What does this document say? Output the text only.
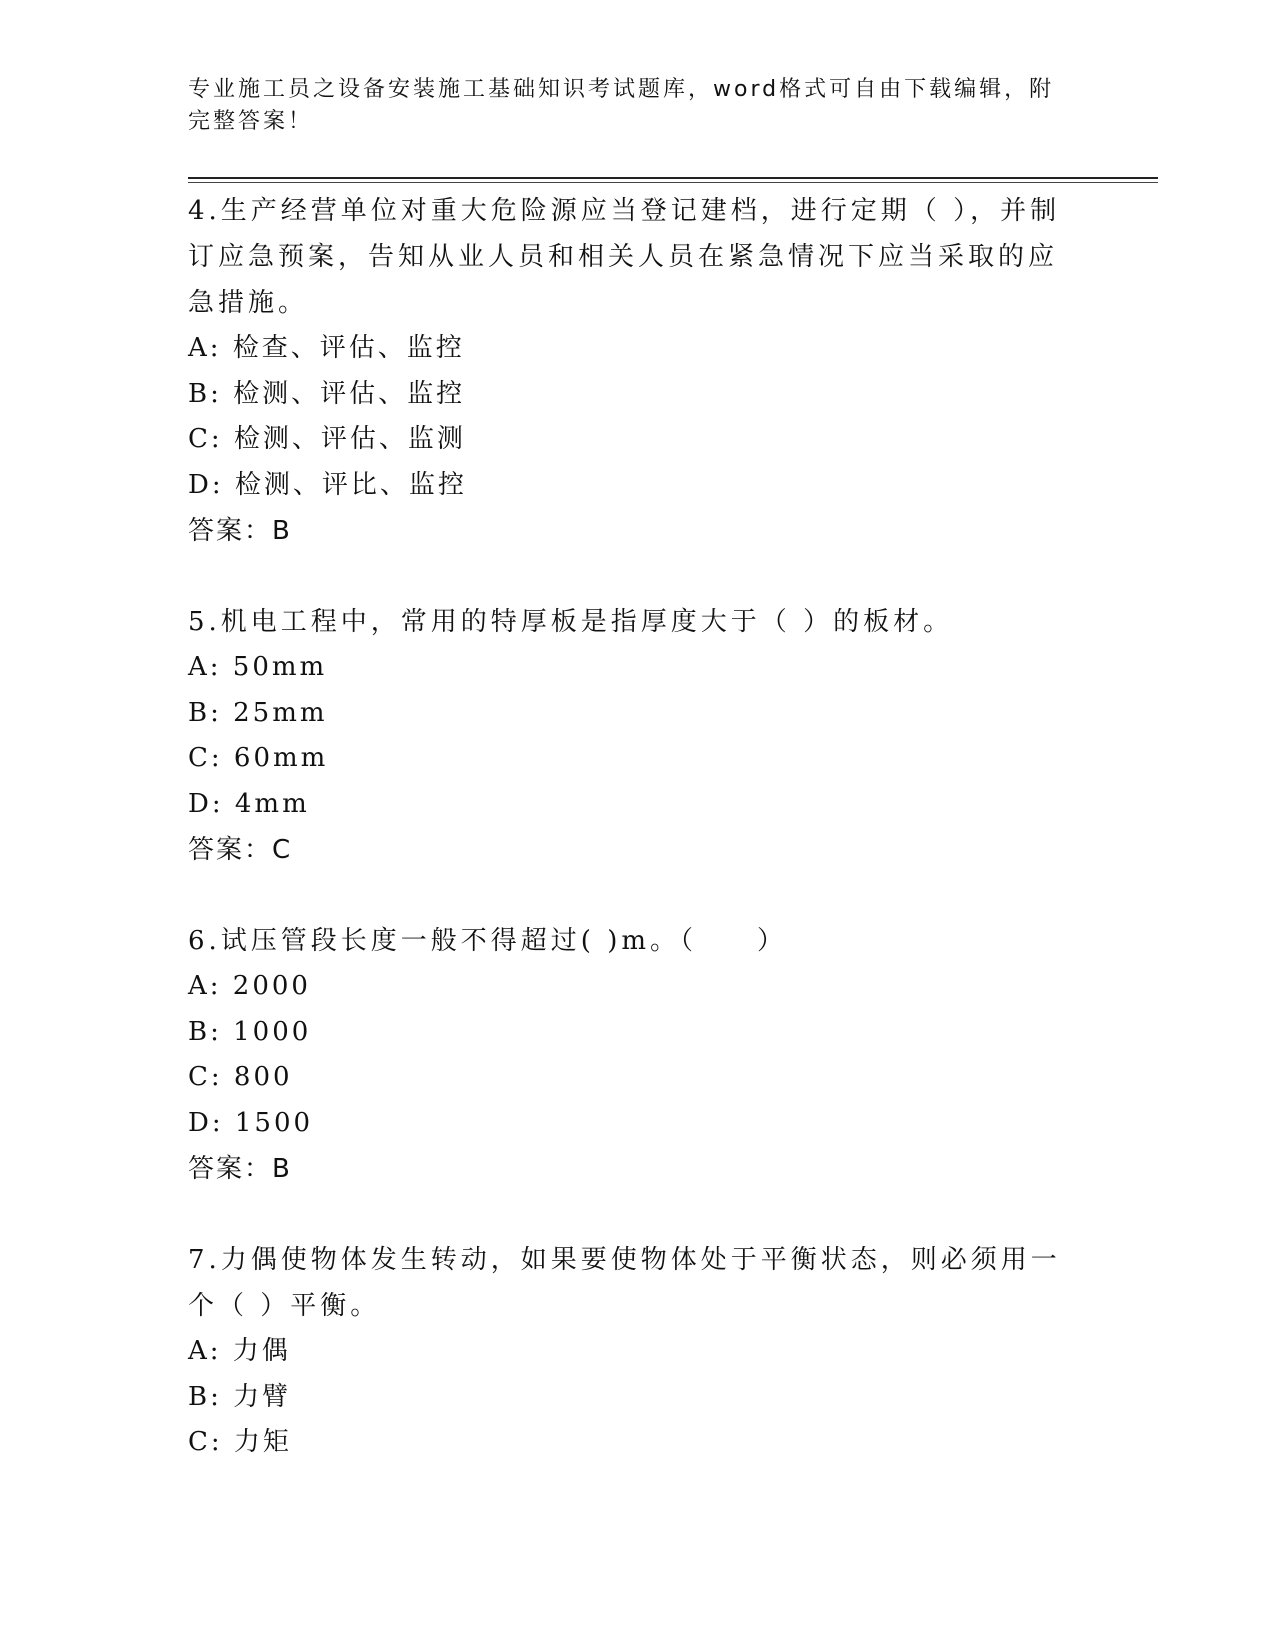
专业施工员之设备安装施工基础知识考试题库，word格式可自由下载编辑，附完整答案！

4.生产经营单位对重大危险源应当登记建档，进行定期（ ），并制订应急预案，告知从业人员和相关人员在紧急情况下应当采取的应急措施。

A: 检查、评估、监控

B: 检测、评估、监控

C: 检测、评估、监测

D: 检测、评比、监控

答案：B

5.机电工程中，常用的特厚板是指厚度大于（ ）的板材。

A: 50mm

B: 25mm

C: 60mm

D: 4mm

答案：C

6.试压管段长度一般不得超过( )m。（　　）

A: 2000

B: 1000

C: 800

D: 1500

答案：B

7.力偶使物体发生转动，如果要使物体处于平衡状态，则必须用一个（ ）平衡。

A: 力偶

B: 力臂

C: 力矩
